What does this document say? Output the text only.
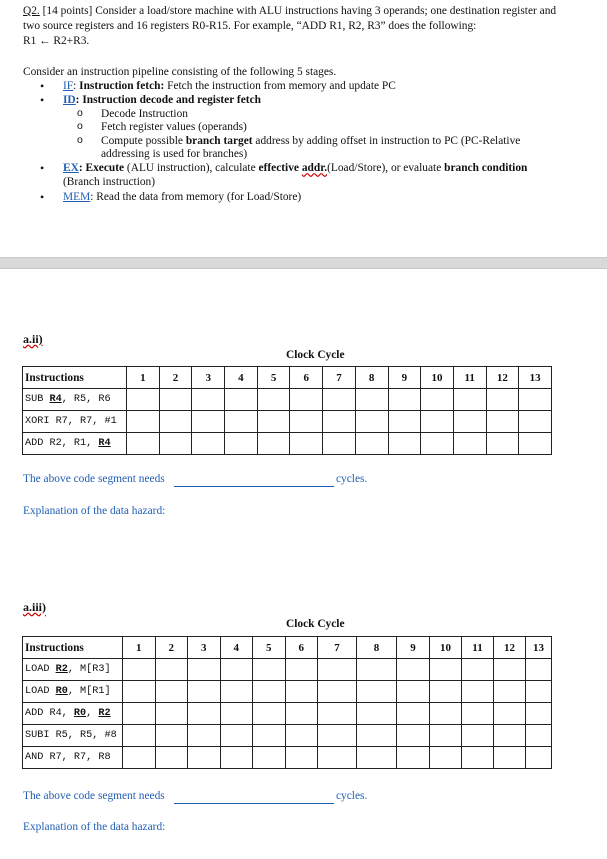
Q2. [14 points] Consider a load/store machine with ALU instructions having 3 operands; one destination register and two source registers and 16 registers R0-R15. For example, “ADD R1, R2, R3” does the following:
R1 ← R2+R3.
Consider an instruction pipeline consisting of the following 5 stages.
• IF: Instruction fetch: Fetch the instruction from memory and update PC
• ID: Instruction decode and register fetch
o Decode Instruction
o Fetch register values (operands)
o Compute possible branch target address by adding offset in instruction to PC (PC-Relative addressing is used for branches)
• EX: Execute (ALU instruction), calculate effective addr.(Load/Store), or evaluate branch condition (Branch instruction)
• MEM: Read the data from memory (for Load/Store)
a.ii)
Clock Cycle
Instructions	1	2	3	4	5	6	7	8	9	10	11	12	13
SUB R4, R5, R6													
XORI R7, R7, #1													
ADD R2, R1, R4													
The above code segment needs	cycles.
Explanation of the data hazard:
a.iii)
Clock Cycle
Instructions	1	2	3	4	5	6	7	8	9	10	11	12	13
LOAD R2, M[R3]													
LOAD R0, M[R1]													
ADD R4, R0, R2													
SUBI R5, R5, #8													
AND R7, R7, R8													
The above code segment needs	cycles.
Explanation of the data hazard:
